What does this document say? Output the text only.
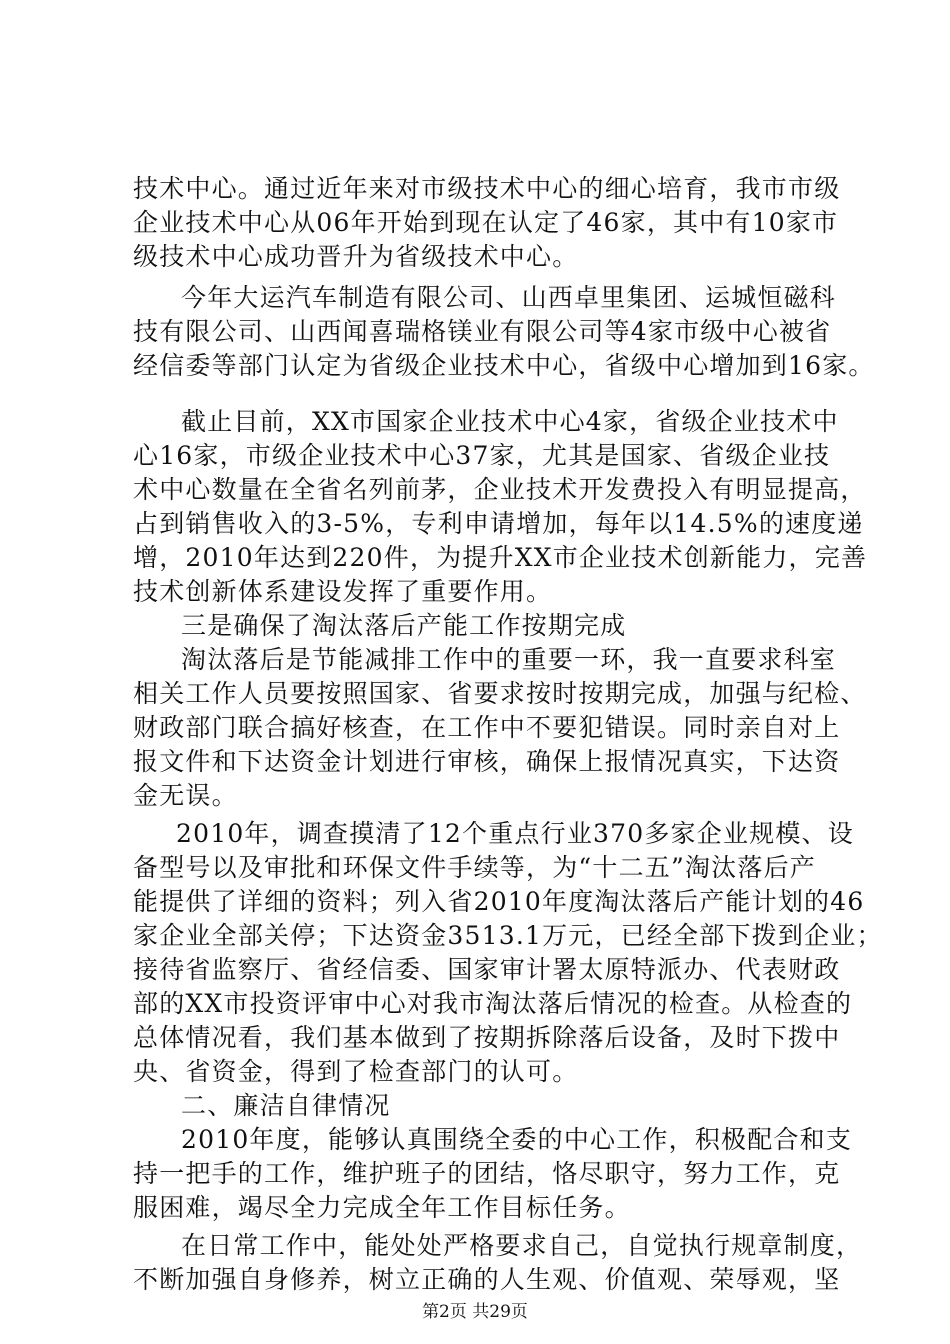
技术中心。通过近年来对市级技术中心的细心培育，我市市级
企业技术中心从06年开始到现在认定了46家，其中有10家市
级技术中心成功晋升为省级技术中心。
今年大运汽车制造有限公司、山西卓里集团、运城恒磁科
技有限公司、山西闻喜瑞格镁业有限公司等4家市级中心被省
经信委等部门认定为省级企业技术中心，省级中心增加到16家。
截止目前，XX市国家企业技术中心4家，省级企业技术中
心16家，市级企业技术中心37家，尤其是国家、省级企业技
术中心数量在全省名列前茅，企业技术开发费投入有明显提高，
占到销售收入的3-5%，专利申请增加，每年以14.5%的速度递
增，2010年达到220件，为提升XX市企业技术创新能力，完善
技术创新体系建设发挥了重要作用。
三是确保了淘汰落后产能工作按期完成
淘汰落后是节能减排工作中的重要一环，我一直要求科室
相关工作人员要按照国家、省要求按时按期完成，加强与纪检、
财政部门联合搞好核查，在工作中不要犯错误。同时亲自对上
报文件和下达资金计划进行审核，确保上报情况真实，下达资
金无误。
2010年，调查摸清了12个重点行业370多家企业规模、设
备型号以及审批和环保文件手续等，为“十二五”淘汰落后产
能提供了详细的资料；列入省2010年度淘汰落后产能计划的46
家企业全部关停；下达资金3513.1万元，已经全部下拨到企业；
接待省监察厅、省经信委、国家审计署太原特派办、代表财政
部的XX市投资评审中心对我市淘汰落后情况的检查。从检查的
总体情况看，我们基本做到了按期拆除落后设备，及时下拨中
央、省资金，得到了检查部门的认可。
二、廉洁自律情况
2010年度，能够认真围绕全委的中心工作，积极配合和支
持一把手的工作，维护班子的团结，恪尽职守，努力工作，克
服困难，竭尽全力完成全年工作目标任务。
在日常工作中，能处处严格要求自己，自觉执行规章制度，
不断加强自身修养，树立正确的人生观、价值观、荣辱观，坚
第2页 共29页
